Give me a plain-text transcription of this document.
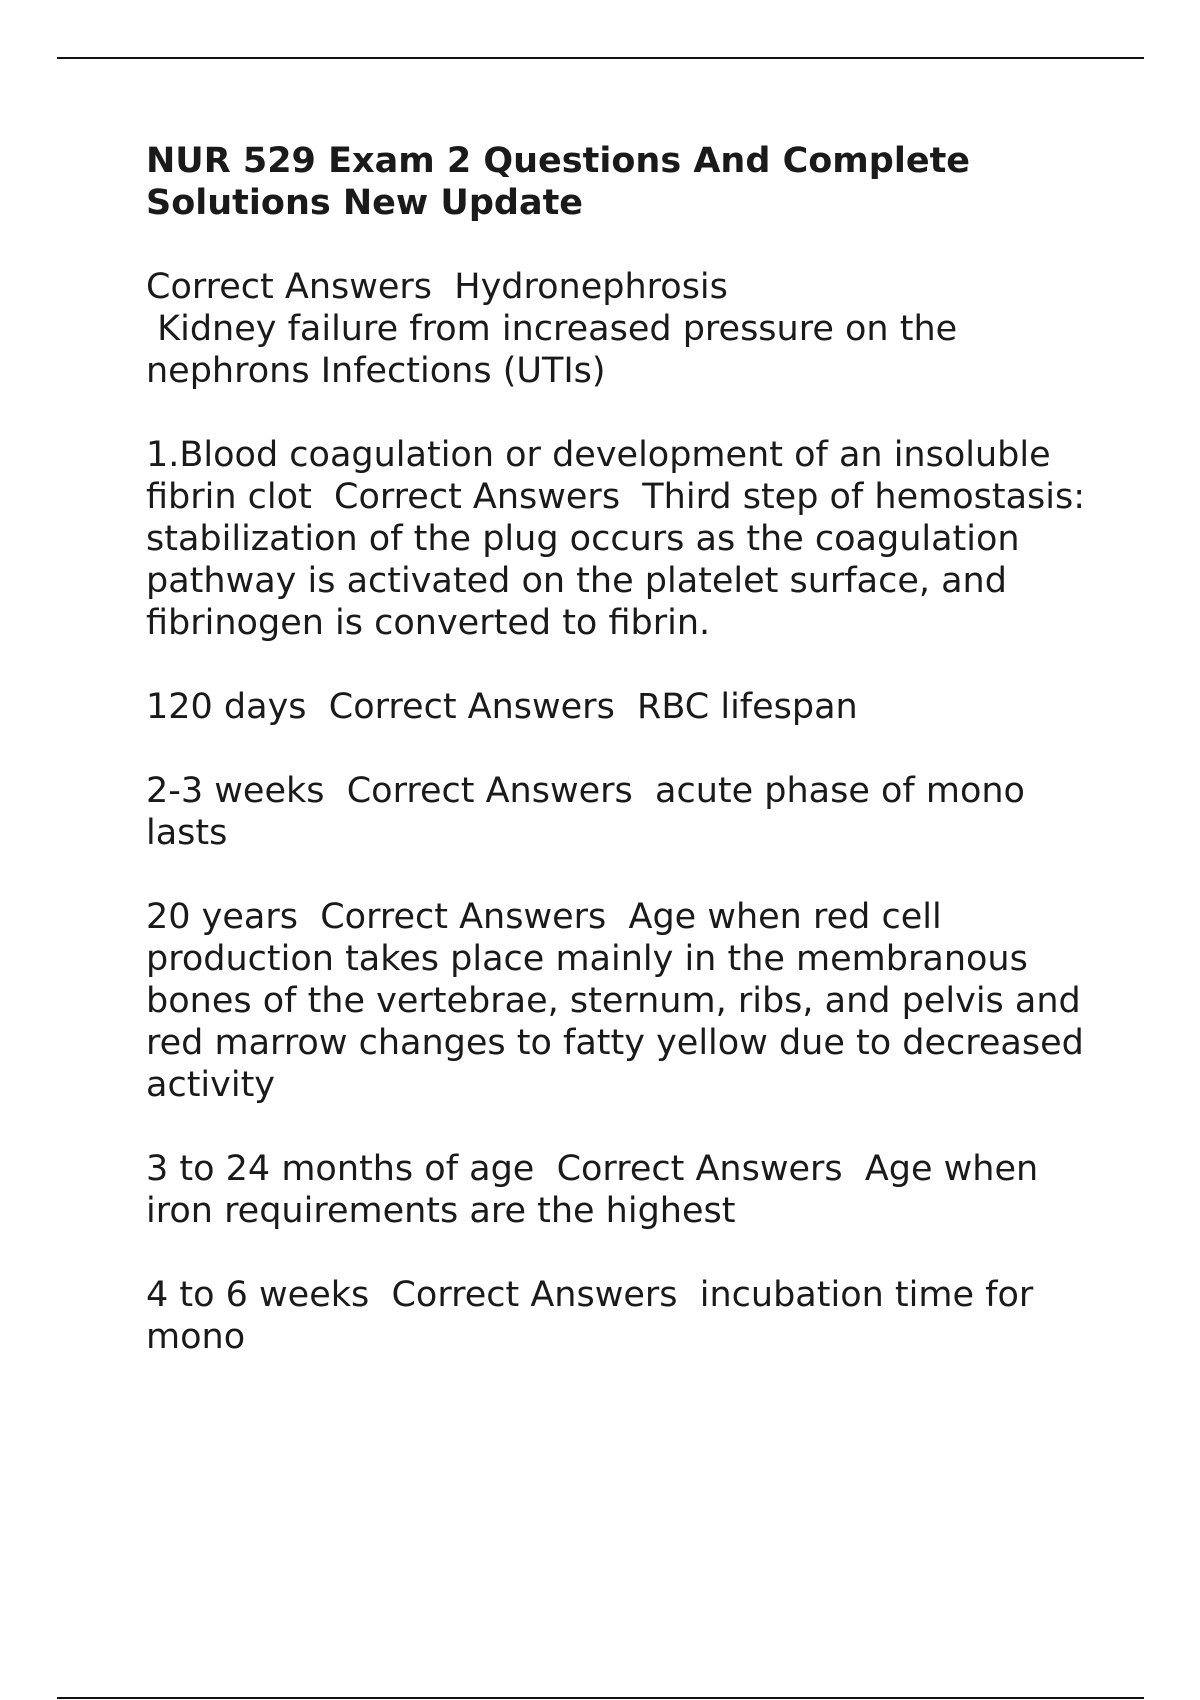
NUR 529 Exam 2 Questions And Complete Solutions New Update
Correct Answers  Hydronephrosis
Kidney failure from increased pressure on the nephrons Infections (UTIs)
1.Blood coagulation or development of an insoluble fibrin clot  Correct Answers  Third step of hemostasis: stabilization of the plug occurs as the coagulation pathway is activated on the platelet surface, and fibrinogen is converted to fibrin.
120 days  Correct Answers  RBC lifespan
2-3 weeks  Correct Answers  acute phase of mono lasts
20 years  Correct Answers  Age when red cell production takes place mainly in the membranous bones of the vertebrae, sternum, ribs, and pelvis and red marrow changes to fatty yellow due to decreased activity
3 to 24 months of age  Correct Answers  Age when iron requirements are the highest
4 to 6 weeks  Correct Answers  incubation time for mono
